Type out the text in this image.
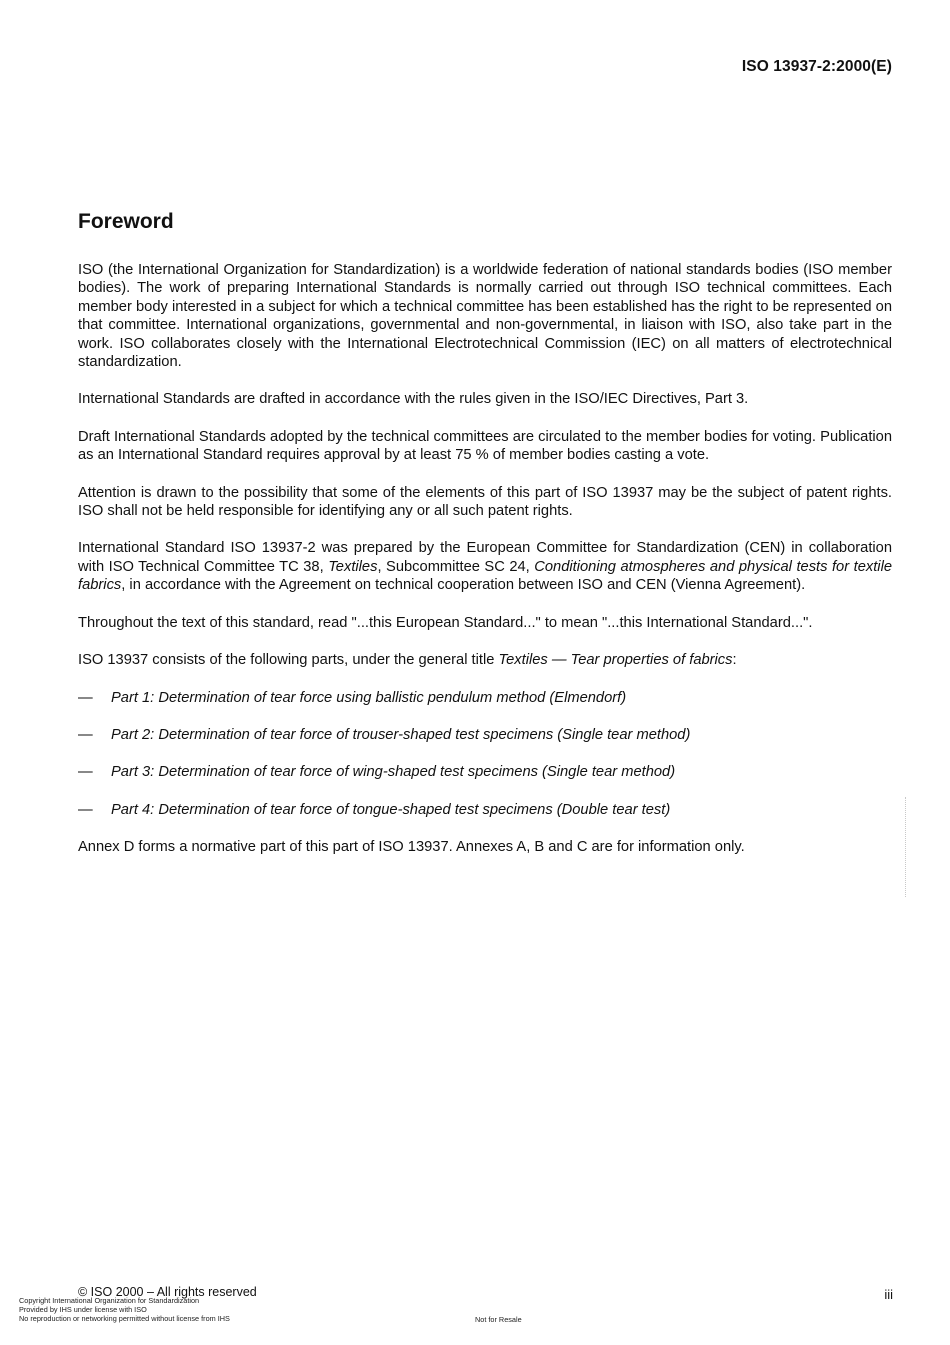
ISO 13937-2:2000(E)
Foreword

ISO (the International Organization for Standardization) is a worldwide federation of national standards bodies (ISO member bodies). The work of preparing International Standards is normally carried out through ISO technical committees. Each member body interested in a subject for which a technical committee has been established has the right to be represented on that committee. International organizations, governmental and non-governmental, in liaison with ISO, also take part in the work. ISO collaborates closely with the International Electrotechnical Commission (IEC) on all matters of electrotechnical standardization.

International Standards are drafted in accordance with the rules given in the ISO/IEC Directives, Part 3.

Draft International Standards adopted by the technical committees are circulated to the member bodies for voting. Publication as an International Standard requires approval by at least 75 % of member bodies casting a vote.

Attention is drawn to the possibility that some of the elements of this part of ISO 13937 may be the subject of patent rights. ISO shall not be held responsible for identifying any or all such patent rights.

International Standard ISO 13937-2 was prepared by the European Committee for Standardization (CEN) in collaboration with ISO Technical Committee TC 38, Textiles, Subcommittee SC 24, Conditioning atmospheres and physical tests for textile fabrics, in accordance with the Agreement on technical cooperation between ISO and CEN (Vienna Agreement).

Throughout the text of this standard, read "...this European Standard..." to mean "...this International Standard...".

ISO 13937 consists of the following parts, under the general title Textiles — Tear properties of fabrics:

—	Part 1: Determination of tear force using ballistic pendulum method (Elmendorf)
—	Part 2: Determination of tear force of trouser-shaped test specimens (Single tear method)
—	Part 3: Determination of tear force of wing-shaped test specimens (Single tear method)
—	Part 4: Determination of tear force of tongue-shaped test specimens (Double tear test)

Annex D forms a normative part of this part of ISO 13937. Annexes A, B and C are for information only.

© ISO 2000 – All rights reserved	iii
Copyright International Organization for Standardization
Provided by IHS under license with ISO
No reproduction or networking permitted without license from IHS	Not for Resale
